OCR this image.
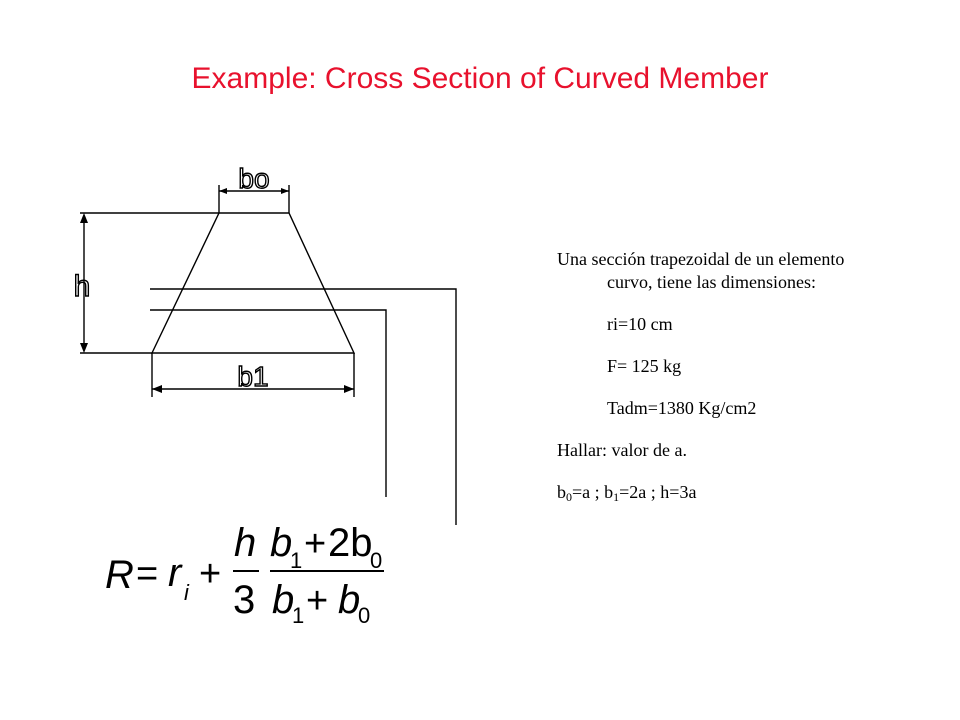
Example: Cross Section of Curved Member
bo
b1
h

Una sección trapezoidal de un elemento curvo, tiene las dimensiones:

ri=10 cm

F= 125 kg

Tadm=1380 Kg/cm2

Hallar: valor de a.

$b_0=a$ ; $b_1=2a$ ; h=3a

R = r i +
h
3
b
1 + 2b
0
b
1 + b
0
